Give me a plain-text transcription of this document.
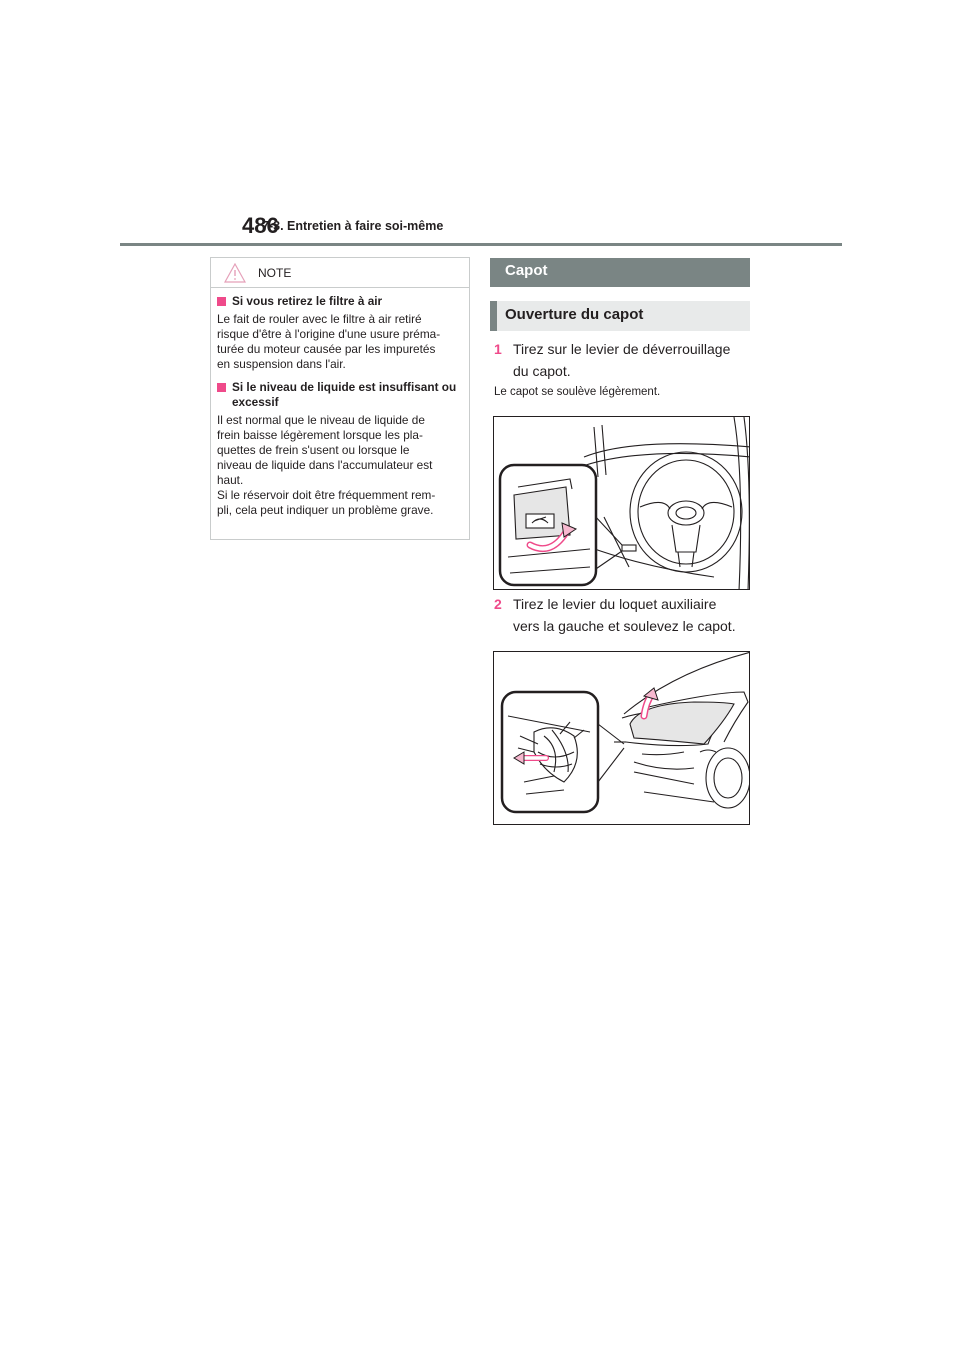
486
7-3. Entretien à faire soi-même
NOTE
Si vous retirez le filtre à air
Le fait de rouler avec le filtre à air retiré
risque d'être à l'origine d'une usure préma-
turée du moteur causée par les impuretés
en suspension dans l'air.
Si le niveau de liquide est insuffisant ou excessif
Il est normal que le niveau de liquide de
frein baisse légèrement lorsque les pla-
quettes de frein s'usent ou lorsque le
niveau de liquide dans l'accumulateur est
haut.
Si le réservoir doit être fréquemment rem-
pli, cela peut indiquer un problème grave.
Capot
Ouverture du capot
1 Tirez sur le levier de déverrouillage
du capot.
Le capot se soulève légèrement.
2 Tirez le levier du loquet auxiliaire
vers la gauche et soulevez le capot.
